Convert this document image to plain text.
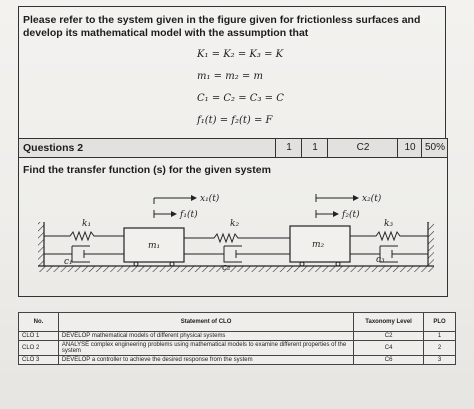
Please refer to the system given in the figure given for frictionless surfaces and develop its mathematical model with the assumption that

K₁ = K₂ = K₃ = K
m₁ = m₂ = m
C₁ = C₂ = C₃ = C
f₁(t) = f₂(t) = F
Questions 2	1	1	C2	10 50%
Find the transfer function (s) for the given system
x₁(t)
f₁(t)
x₂(t)
f₂(t)
k₁	k₂	k₃
m₁	m₂
c₁
c₂
c₃
No.	Statement of CLO	Taxonomy Level	PLO
CLO 1	DEVELOP mathematical models of different physical systems	C2	1
CLO 2	ANALYSE complex engineering problems using mathematical models to examine different properties of the system	C4	2
CLO 3	DEVELOP a controller to achieve the desired response from the system	C6	3
